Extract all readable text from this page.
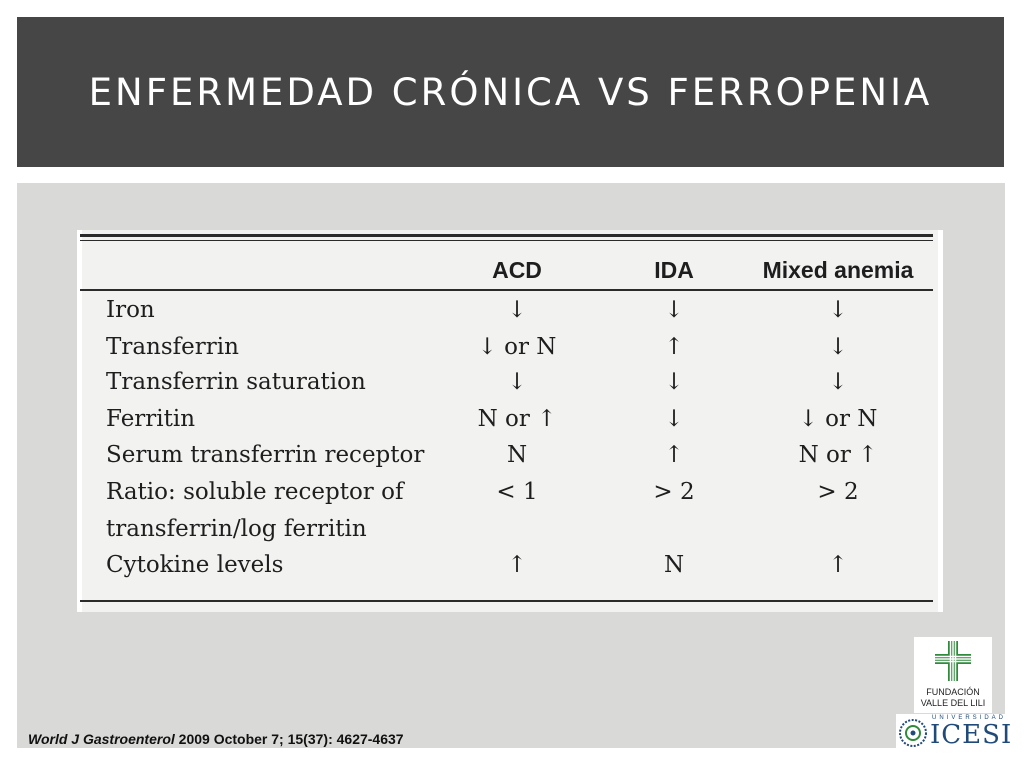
ENFERMEDAD CRÓNICA VS FERROPENIA
ACD	IDA	Mixed anemia
Iron	↓	↓	↓
Transferrin	↓ or N	↑	↓
Transferrin saturation	↓	↓	↓
Ferritin	N or ↑	↓	↓ or N
Serum transferrin receptor	N	↑	N or ↑
Ratio: soluble receptor of	< 1	> 2	> 2
transferrin/log ferritin
Cytokine levels	↑	N	↑
World J Gastroenterol 2009 October 7; 15(37): 4627-4637
FUNDACIÓN
VALLE DEL LILI
UNIVERSIDAD
ICESI
